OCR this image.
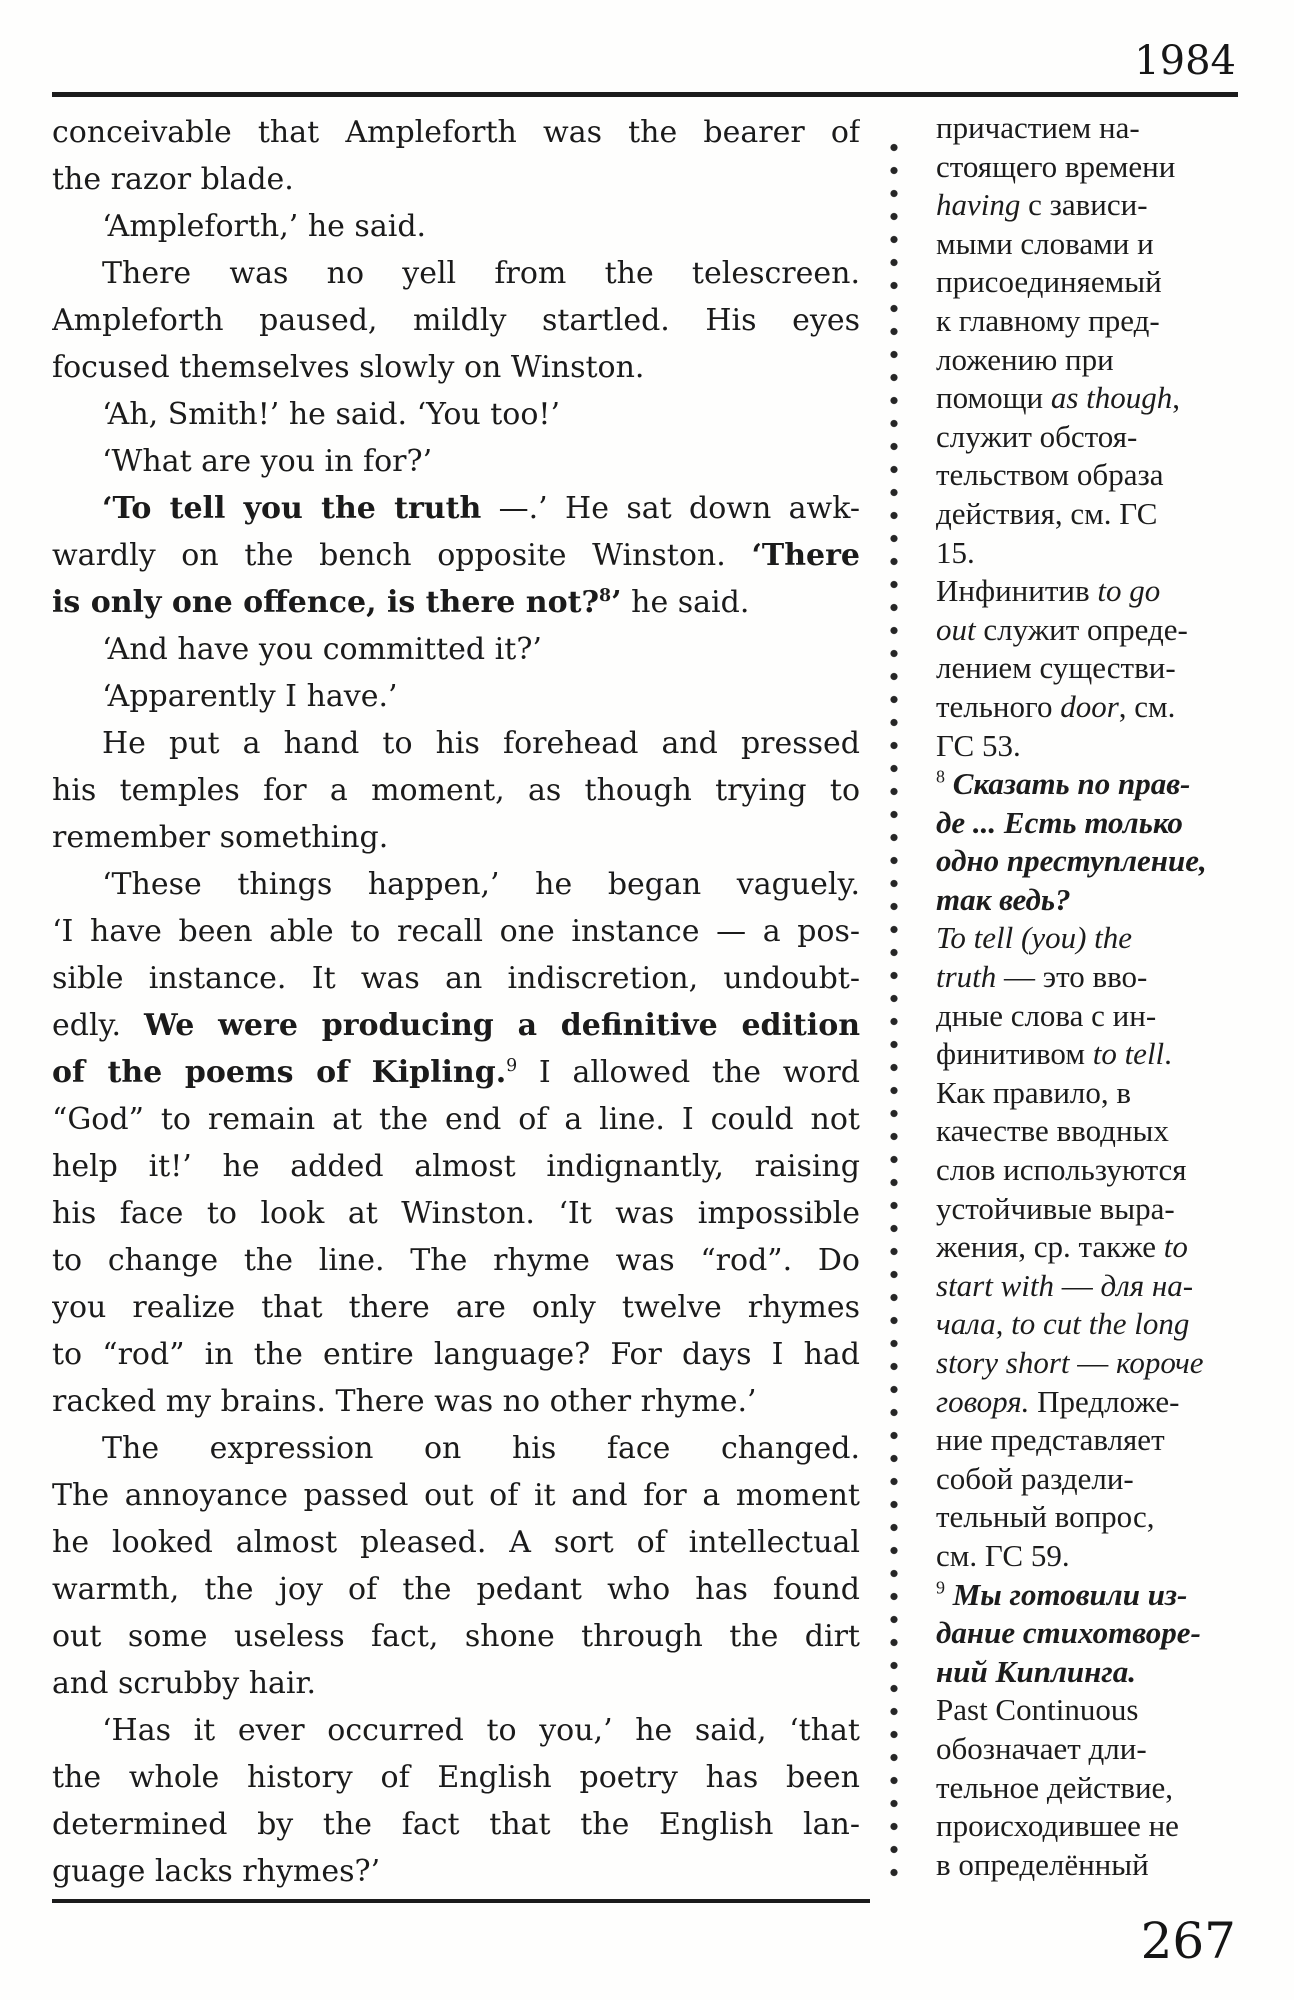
1984
conceivable that Ampleforth was the bearer of
the razor blade.
‘Ampleforth,’ he said.
There was no yell from the telescreen.
Ampleforth paused, mildly startled. His eyes
focused themselves slowly on Winston.
‘Ah, Smith!’ he said. ‘You too!’
‘What are you in for?’
‘To tell you the truth —.’ He sat down awk-
wardly on the bench opposite Winston. ‘There
is only one offence, is there not?$^8$’ he said.
‘And have you committed it?’
‘Apparently I have.’
He put a hand to his forehead and pressed
his temples for a moment, as though trying to
remember something.
‘These things happen,’ he began vaguely.
‘I have been able to recall one instance — a pos-
sible instance. It was an indiscretion, undoubt-
edly. We were producing a definitive edition
of the poems of Kipling.$^9$ I allowed the word
“God” to remain at the end of a line. I could not
help it!’ he added almost indignantly, raising
his face to look at Winston. ‘It was impossible
to change the line. The rhyme was “rod”. Do
you realize that there are only twelve rhymes
to “rod” in the entire language? For days I had
racked my brains. There was no other rhyme.’
The expression on his face changed.
The annoyance passed out of it and for a moment
he looked almost pleased. A sort of intellectual
warmth, the joy of the pedant who has found
out some useless fact, shone through the dirt
and scrubby hair.
‘Has it ever occurred to you,’ he said, ‘that
the whole history of English poetry has been
determined by the fact that the English lan-
guage lacks rhymes?’
причастием на-
стоящего времени
having с зависи-
мыми словами и
присоединяемый
к главному пред-
ложению при
помощи as though,
служит обстоя-
тельством образа
действия, см. ГС
15.
Инфинитив to go
out служит опреде-
лением существи-
тельного door, см.
ГС 53.
$^8$ Сказать по прав-
де ... Есть только
одно преступление,
так ведь?
To tell (you) the
truth — это вво-
дные слова с ин-
финитивом to tell.
Как правило, в
качестве вводных
слов используются
устойчивые выра-
жения, ср. также to
start with — для на-
чала, to cut the long
story short — короче
говоря. Предложе-
ние представляет
собой раздели-
тельный вопрос,
см. ГС 59.
$^9$ Мы готовили из-
дание стихотворе-
ний Киплинга.
Past Continuous
обозначает дли-
тельное действие,
происходившее не
в определённый
267
